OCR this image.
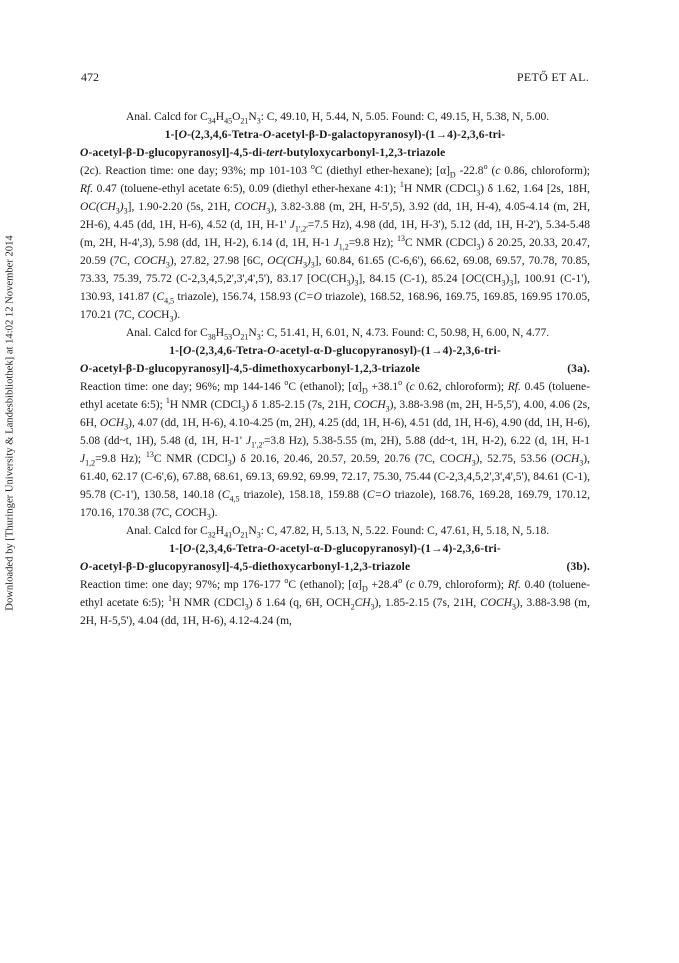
Downloaded by [Thuringer University & Landesbibliothek] at 14:02 12 November 2014
472	PETŐ ET AL.

Anal. Calcd for $C_{34}H_{45}O_{21}N_3$: C, 49.10, H, 5.44, N, 5.05. Found: C, 49.15, H, 5.38, N, 5.00.

1-[O-(2,3,4,6-Tetra-O-acetyl-β-D-galactopyranosyl)-(1→4)-2,3,6-tri-

O-acetyl-β-D-glucopyranosyl]-4,5-di-tert-butyloxycarbonyl-1,2,3-triazole

(2c). Reaction time: one day; 93%; mp 101-103 $^o$C (diethyl ether-hexane); $[\alpha]_D$ -22.8$^o$ (c 0.86, chloroform); Rf. 0.47 (toluene-ethyl acetate 6:5), 0.09 (diethyl ether-hexane 4:1); $^1$H NMR (CDCl$_3$) δ 1.62, 1.64 [2s, 18H, $OC(CH_3)_3$], 1.90-2.20 (5s, 21H, $COCH_3$), 3.82-3.88 (m, 2H, H-5',5), 3.92 (dd, 1H, H-4), 4.05-4.14 (m, 2H, 2H-6), 4.45 (dd, 1H, H-6), 4.52 (d, 1H, H-1' $J_{1',2'}=7.5$ Hz), 4.98 (dd, 1H, H-3'), 5.12 (dd, 1H, H-2'), 5.34-5.48 (m, 2H, H-4',3), 5.98 (dd, 1H, H-2), 6.14 (d, 1H, H-1 $J_{1,2}=9.8$ Hz); $^{13}$C NMR (CDCl$_3$) δ 20.25, 20.33, 20.47, 20.59 (7C, $COCH_3$), 27.82, 27.98 [6C, $OC(CH_3)_3$], 60.84, 61.65 (C-6,6'), 66.62, 69.08, 69.57, 70.78, 70.85, 73.33, 75.39, 75.72 (C-2,3,4,5,2',3',4',5'), 83.17 $[OC(CH_3)_3]$, 84.15 (C-1), 85.24 $[OC(CH_3)_3]$, 100.91 (C-1'), 130.93, 141.87 ($C_{4,5}$ triazole), 156.74, 158.93 (C=O triazole), 168.52, 168.96, 169.75, 169.85, 169.95 170.05, 170.21 (7C, $COCH_3$).

Anal. Calcd for $C_{38}H_{53}O_{21}N_3$: C, 51.41, H, 6.01, N, 4.73. Found: C, 50.98, H, 6.00, N, 4.77.

1-[O-(2,3,4,6-Tetra-O-acetyl-α-D-glucopyranosyl)-(1→4)-2,3,6-tri-

O-acetyl-β-D-glucopyranosyl]-4,5-dimethoxycarbonyl-1,2,3-triazole (3a).

Reaction time: one day; 96%; mp 144-146 $^o$C (ethanol); $[\alpha]_D +38.1^o$ (c 0.62, chloroform); Rf. 0.45 (toluene-ethyl acetate 6:5); $^1$H NMR (CDCl$_3$) δ 1.85-2.15 (7s, 21H, $COCH_3$), 3.88-3.98 (m, 2H, H-5,5'), 4.00, 4.06 (2s, 6H, $OCH_3$), 4.07 (dd, 1H, H-6), 4.10-4.25 (m, 2H), 4.25 (dd, 1H, H-6), 4.51 (dd, 1H, H-6), 4.90 (dd, 1H, H-6), 5.08 (dd~t, 1H), 5.48 (d, 1H, H-1' $J_{1',2'}=3.8$ Hz), 5.38-5.55 (m, 2H), 5.88 (dd~t, 1H, H-2), 6.22 (d, 1H, H-1 $J_{1,2}=9.8$ Hz); $^{13}$C NMR (CDCl$_3$) δ 20.16, 20.46, 20.57, 20.59, 20.76 (7C, $COCH_3$), 52.75, 53.56 $(OCH_3)$, 61.40, 62.17 (C-6',6), 67.88, 68.61, 69.13, 69.92, 69.99, 72.17, 75.30, 75.44 (C-2,3,4,5,2',3',4',5'), 84.61 (C-1), 95.78 (C-1'), 130.58, 140.18 ($C_{4,5}$ triazole), 158.18, 159.88 (C=O triazole), 168.76, 169.28, 169.79, 170.12, 170.16, 170.38 (7C, $COCH_3$).

Anal. Calcd for $C_{32}H_{41}O_{21}N_3$: C, 47.82, H, 5.13, N, 5.22. Found: C, 47.61, H, 5.18, N, 5.18.

1-[O-(2,3,4,6-Tetra-O-acetyl-α-D-glucopyranosyl)-(1→4)-2,3,6-tri-

O-acetyl-β-D-glucopyranosyl]-4,5-diethoxycarbonyl-1,2,3-triazole (3b).

Reaction time: one day; 97%; mp 176-177 $^o$C (ethanol); $[\alpha]_D +28.4^o$ (c 0.79, chloroform); Rf. 0.40 (toluene-ethyl acetate 6:5); $^1$H NMR (CDCl$_3$) δ 1.64 (q, 6H, $OCH_2CH_3$), 1.85-2.15 (7s, 21H, $COCH_3$), 3.88-3.98 (m, 2H, H-5,5'), 4.04 (dd, 1H, H-6), 4.12-4.24 (m,
